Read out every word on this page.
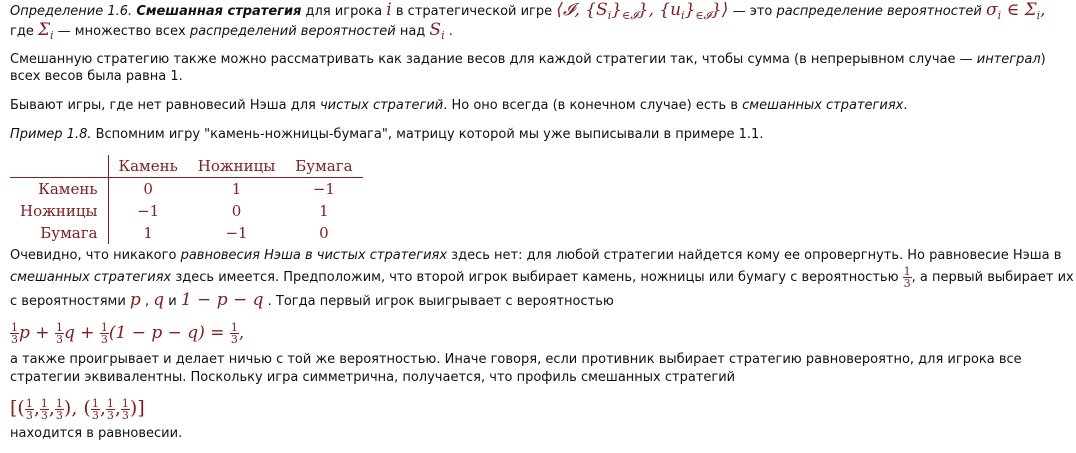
Определение 1.6. Смешанная стратегия для игрока i в стратегической игре ⟨𝓘, $\{S_i\}_{\in 𝓘}$}, $\{u_i\}_{\in 𝓘}\}⟩$ — это распределение вероятностей $\sigma_i$ ∈ $\Sigma_i$,
где $\Sigma_i$ — множество всех распределений вероятностей над $S_i$ .
Смешанную стратегию также можно рассматривать как задание весов для каждой стратегии так, чтобы сумма (в непрерывном случае — интеграл)
всех весов была равна 1.
Бывают игры, где нет равновесий Нэша для чистых стратегий. Но оно всегда (в конечном случае) есть в смешанных стратегиях.
Пример 1.8. Вспомним игру "камень-ножницы-бумага", матрицу которой мы уже выписывали в примере 1.1.
	Камень	Ножницы	Бумага
Камень	0	1	−1
Ножницы	−1	0	1
Бумага	1	−1	0
Очевидно, что никакого равновесия Нэша в чистых стратегиях здесь нет: для любой стратегии найдется кому ее опровергнуть. Но равновесие Нэша в
смешанных стратегиях здесь имеется. Предположим, что второй игрок выбирает камень, ножницы или бумагу с вероятностью $\frac{1}{3}$ , а первый выбирает их
с вероятностями p , q и 1 − p − q . Тогда первый игрок выигрывает с вероятностью
$\frac{1}{3}$ $p + \frac{1}{3}$ $q + \frac{1}{3} (1 - p - q) = \frac{1}{3}$ ,
а также проигрывает и делает ничью с той же вероятностью. Иначе говоря, если противник выбирает стратегию равновероятно, для игрока все
стратегии эквивалентны. Поскольку игра симметрична, получается, что профиль смешанных стратегий
[( $\frac{1}{3}$ , $\frac{1}{3}$ , $\frac{1}{3}$ ), ( $\frac{1}{3}$ , $\frac{1}{3}$ , $\frac{1}{3}$ )]
находится в равновесии.
